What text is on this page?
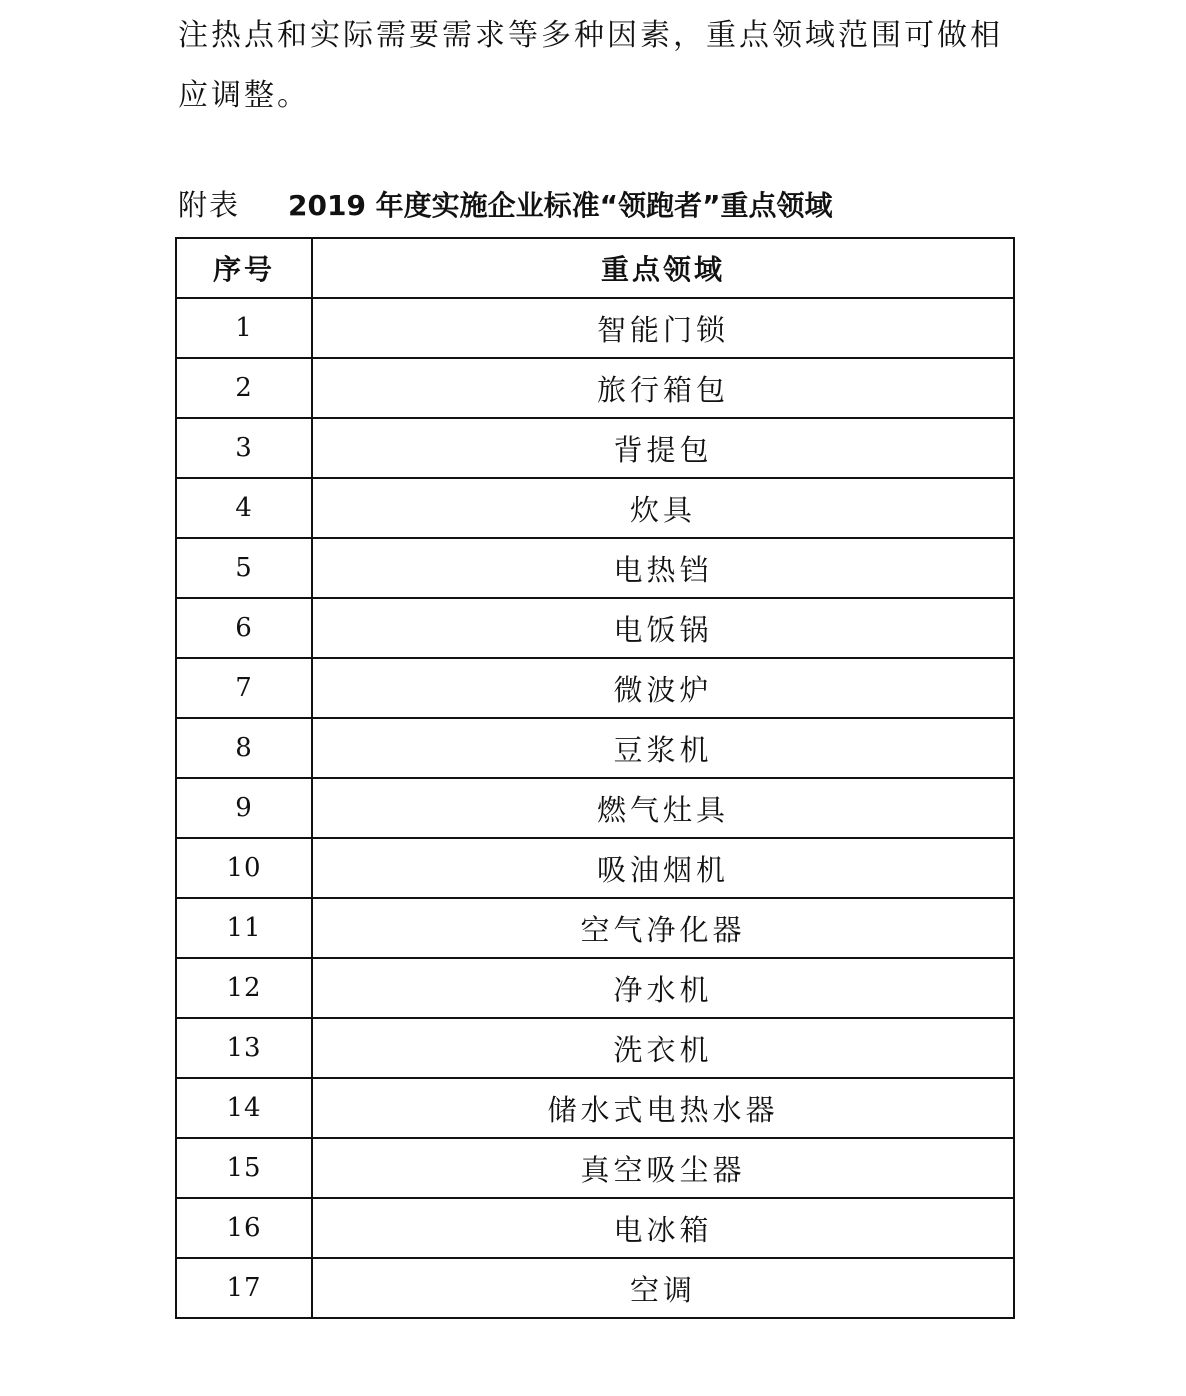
注热点和实际需要需求等多种因素，重点领域范围可做相应调整。

附表 2019 年度实施企业标准“领跑者”重点领域
序号	重点领域
1	智能门锁
2	旅行箱包
3	背提包
4	炊具
5	电热铛
6	电饭锅
7	微波炉
8	豆浆机
9	燃气灶具
10	吸油烟机
11	空气净化器
12	净水机
13	洗衣机
14	储水式电热水器
15	真空吸尘器
16	电冰箱
17	空调
